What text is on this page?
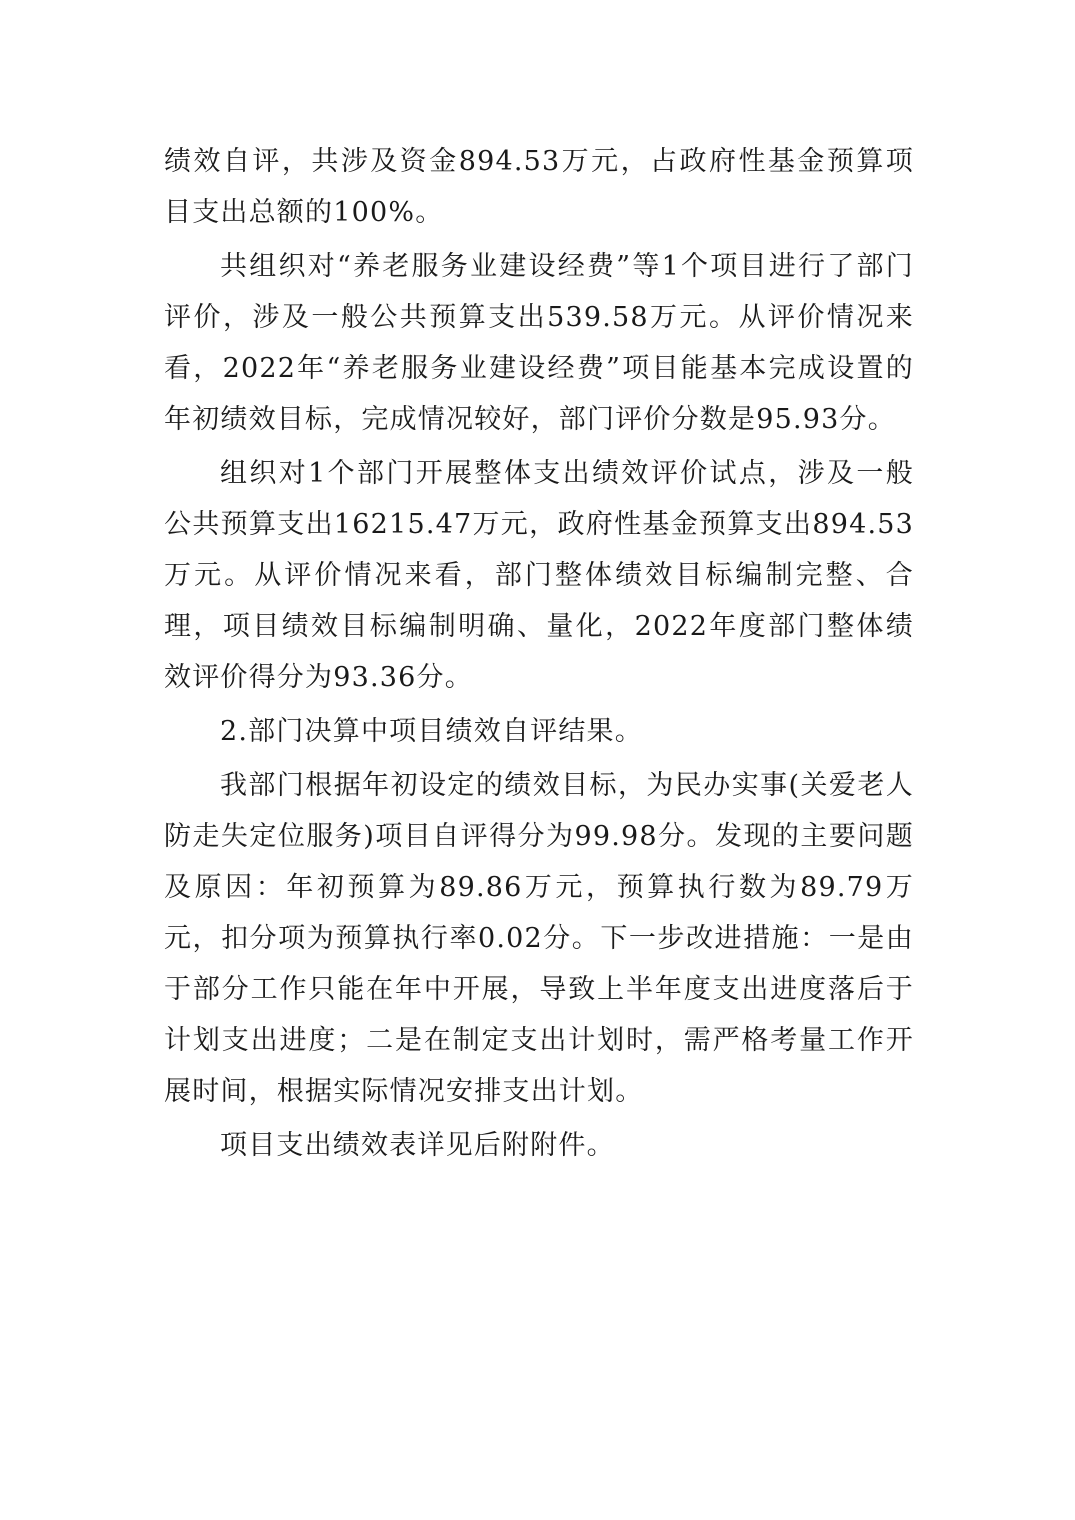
绩效自评，共涉及资金894.53万元，占政府性基金预算项目支出总额的100%。

共组织对“养老服务业建设经费”等1个项目进行了部门评价，涉及一般公共预算支出539.58万元。从评价情况来看，2022年“养老服务业建设经费”项目能基本完成设置的年初绩效目标，完成情况较好，部门评价分数是95.93分。

组织对1个部门开展整体支出绩效评价试点，涉及一般公共预算支出16215.47万元，政府性基金预算支出894.53万元。从评价情况来看，部门整体绩效目标编制完整、合理，项目绩效目标编制明确、量化，2022年度部门整体绩效评价得分为93.36分。

2.部门决算中项目绩效自评结果。

我部门根据年初设定的绩效目标，为民办实事(关爱老人防走失定位服务)项目自评得分为99.98分。发现的主要问题及原因：年初预算为89.86万元，预算执行数为89.79万元，扣分项为预算执行率0.02分。下一步改进措施：一是由于部分工作只能在年中开展，导致上半年度支出进度落后于计划支出进度；二是在制定支出计划时，需严格考量工作开展时间，根据实际情况安排支出计划。

项目支出绩效表详见后附附件。
